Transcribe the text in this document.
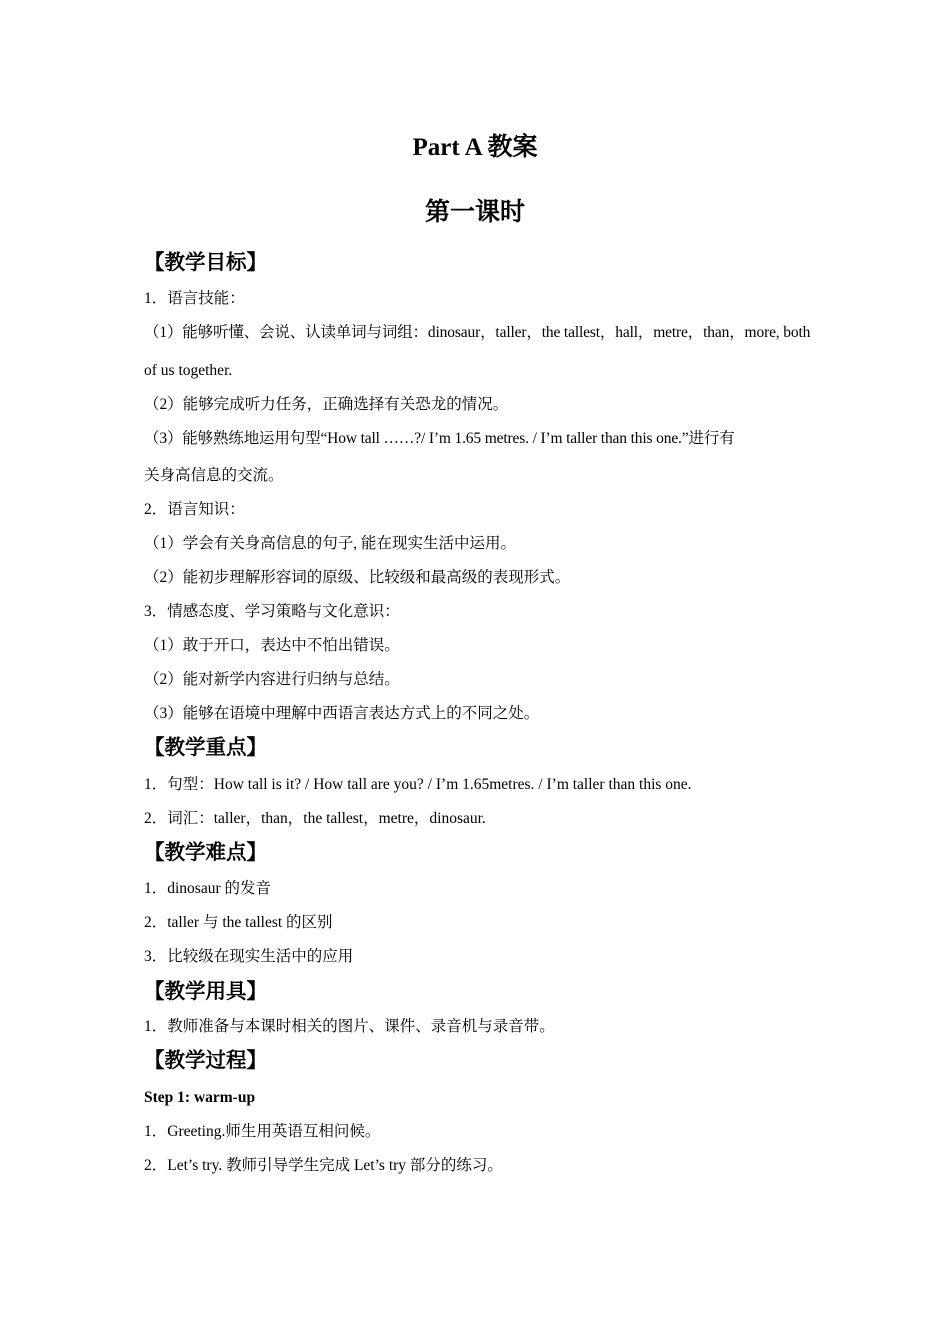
Part A 教案
第一课时
【教学目标】

1．语言技能：

（1）能够听懂、会说、认读单词与词组：dinosaur，taller，the tallest，hall，metre，than，more, both

of us together.

（2）能够完成听力任务，正确选择有关恐龙的情况。

（3）能够熟练地运用句型“How tall ……?/ I’m 1.65 metres. / I’m taller than this one.”进行有

关身高信息的交流。

2．语言知识：

（1）学会有关身高信息的句子, 能在现实生活中运用。

（2）能初步理解形容词的原级、比较级和最高级的表现形式。

3．情感态度、学习策略与文化意识：

（1）敢于开口，表达中不怕出错误。

（2）能对新学内容进行归纳与总结。

（3）能够在语境中理解中西语言表达方式上的不同之处。

【教学重点】

1．句型：How tall is it? / How tall are you? / I’m 1.65metres. / I’m taller than this one.

2．词汇：taller，than，the tallest，metre，dinosaur.

【教学难点】

1．dinosaur 的发音

2．taller 与 the tallest 的区别

3．比较级在现实生活中的应用

【教学用具】

1．教师准备与本课时相关的图片、课件、录音机与录音带。

【教学过程】
Step 1: warm-up

1．Greeting.师生用英语互相问候。

2．Let’s try. 教师引导学生完成 Let’s try 部分的练习。
